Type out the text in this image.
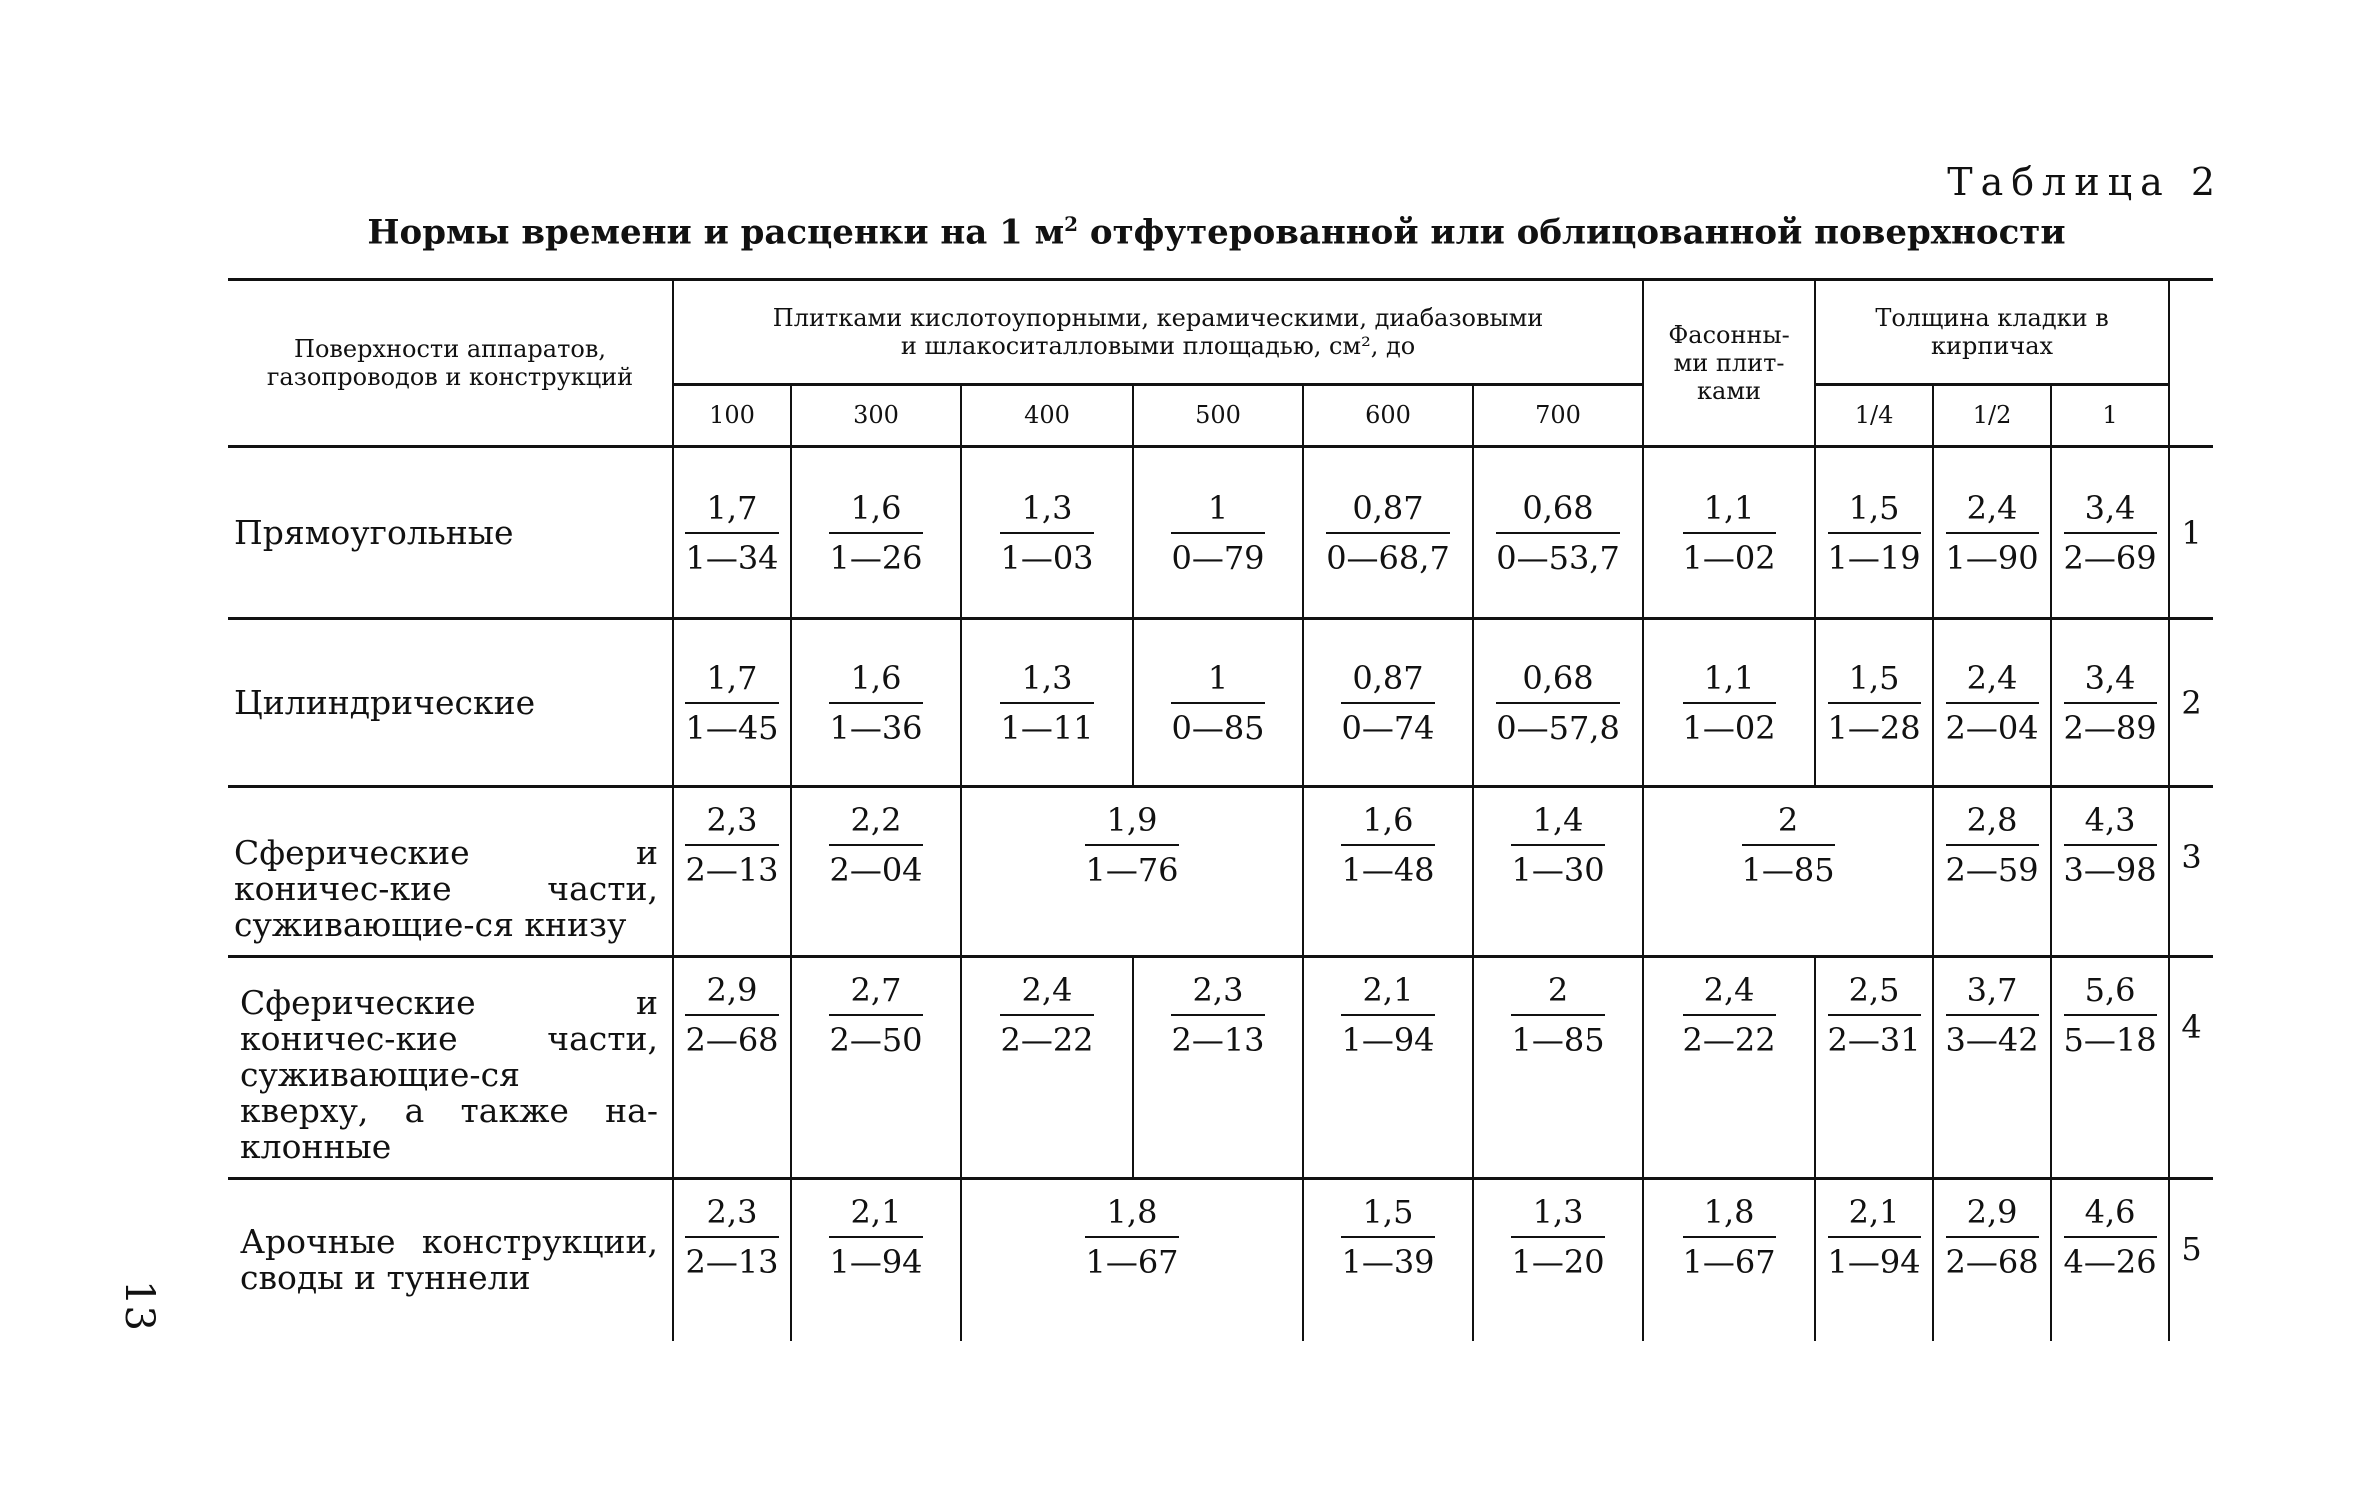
Таблица 2
Нормы времени и расценки на 1 $м^2$ отфутерованной или облицованной поверхности
13
Поверхности аппаратов, газопроводов и конструкций	Плитками кислотоупорными, керамическими, диабазовыми и шлакоситалловыми площадью, см², до						Фасонны-ми плит-ками	Толщина кладки в кирпичах			
	100	300	400	500	600	700		1/4	1/2	1	
Прямоугольные	$\frac{1,7}{1—34}$	$\frac{1,6}{1—26}$	$\frac{1,3}{1—03}$	$\frac{1}{0—79}$	$\frac{0,87}{0—68,7}$	$\frac{0,68}{0—53,7}$	$\frac{1,1}{1—02}$	$\frac{1,5}{1—19}$	$\frac{2,4}{1—90}$	$\frac{3,4}{2—69}$	1
Цилиндрические	$\frac{1,7}{1—45}$	$\frac{1,6}{1—36}$	$\frac{1,3}{1—11}$	$\frac{1}{0—85}$	$\frac{0,87}{0—74}$	$\frac{0,68}{0—57,8}$	$\frac{1,1}{1—02}$	$\frac{1,5}{1—28}$	$\frac{2,4}{2—04}$	$\frac{3,4}{2—89}$	2
Сферические и коничес-кие части, суживающие-ся книзу	$\frac{2,3}{2—13}$	$\frac{2,2}{2—04}$	$\frac{1,9}{1—76}$		$\frac{1,6}{1—48}$	$\frac{1,4}{1—30}$	$\frac{2}{1—85}$		$\frac{2,8}{2—59}$	$\frac{4,3}{3—98}$	3
Сферические и коничес-кие части, суживающие-ся кверху, а также на-клонные	$\frac{2,9}{2—68}$	$\frac{2,7}{2—50}$	$\frac{2,4}{2—22}$	$\frac{2,3}{2—13}$	$\frac{2,1}{1—94}$	$\frac{2}{1—85}$	$\frac{2,4}{2—22}$	$\frac{2,5}{2—31}$	$\frac{3,7}{3—42}$	$\frac{5,6}{5—18}$	4
Арочные конструкции, своды и туннели	$\frac{2,3}{2—13}$	$\frac{2,1}{1—94}$	$\frac{1,8}{1—67}$		$\frac{1,5}{1—39}$	$\frac{1,3}{1—20}$	$\frac{1,8}{1—67}$	$\frac{2,1}{1—94}$	$\frac{2,9}{2—68}$	$\frac{4,6}{4—26}$	5
